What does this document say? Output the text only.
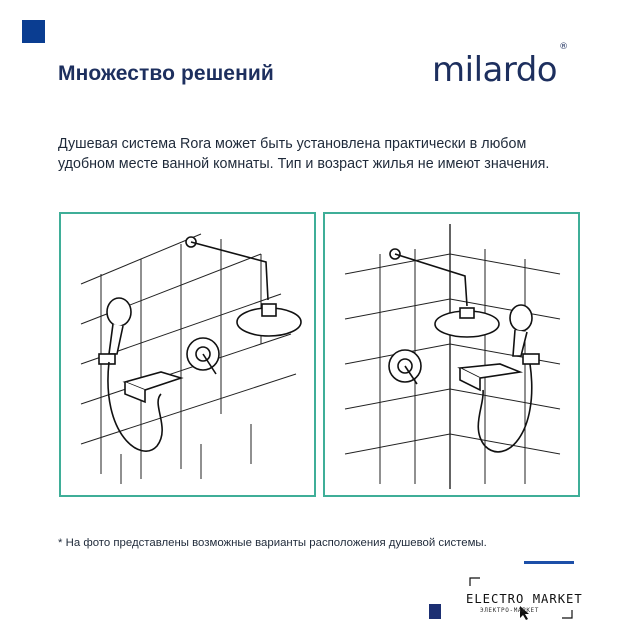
Множество решений	milardo®
Душевая система Rora может быть установлена практически в любом
удобном месте ванной комнаты. Тип и возраст жилья не имеют значения.
* На фото представлены возможные варианты расположения душевой системы.
ELECTRO MARKET
ЭЛЕКТРО-МАРКЕТ
